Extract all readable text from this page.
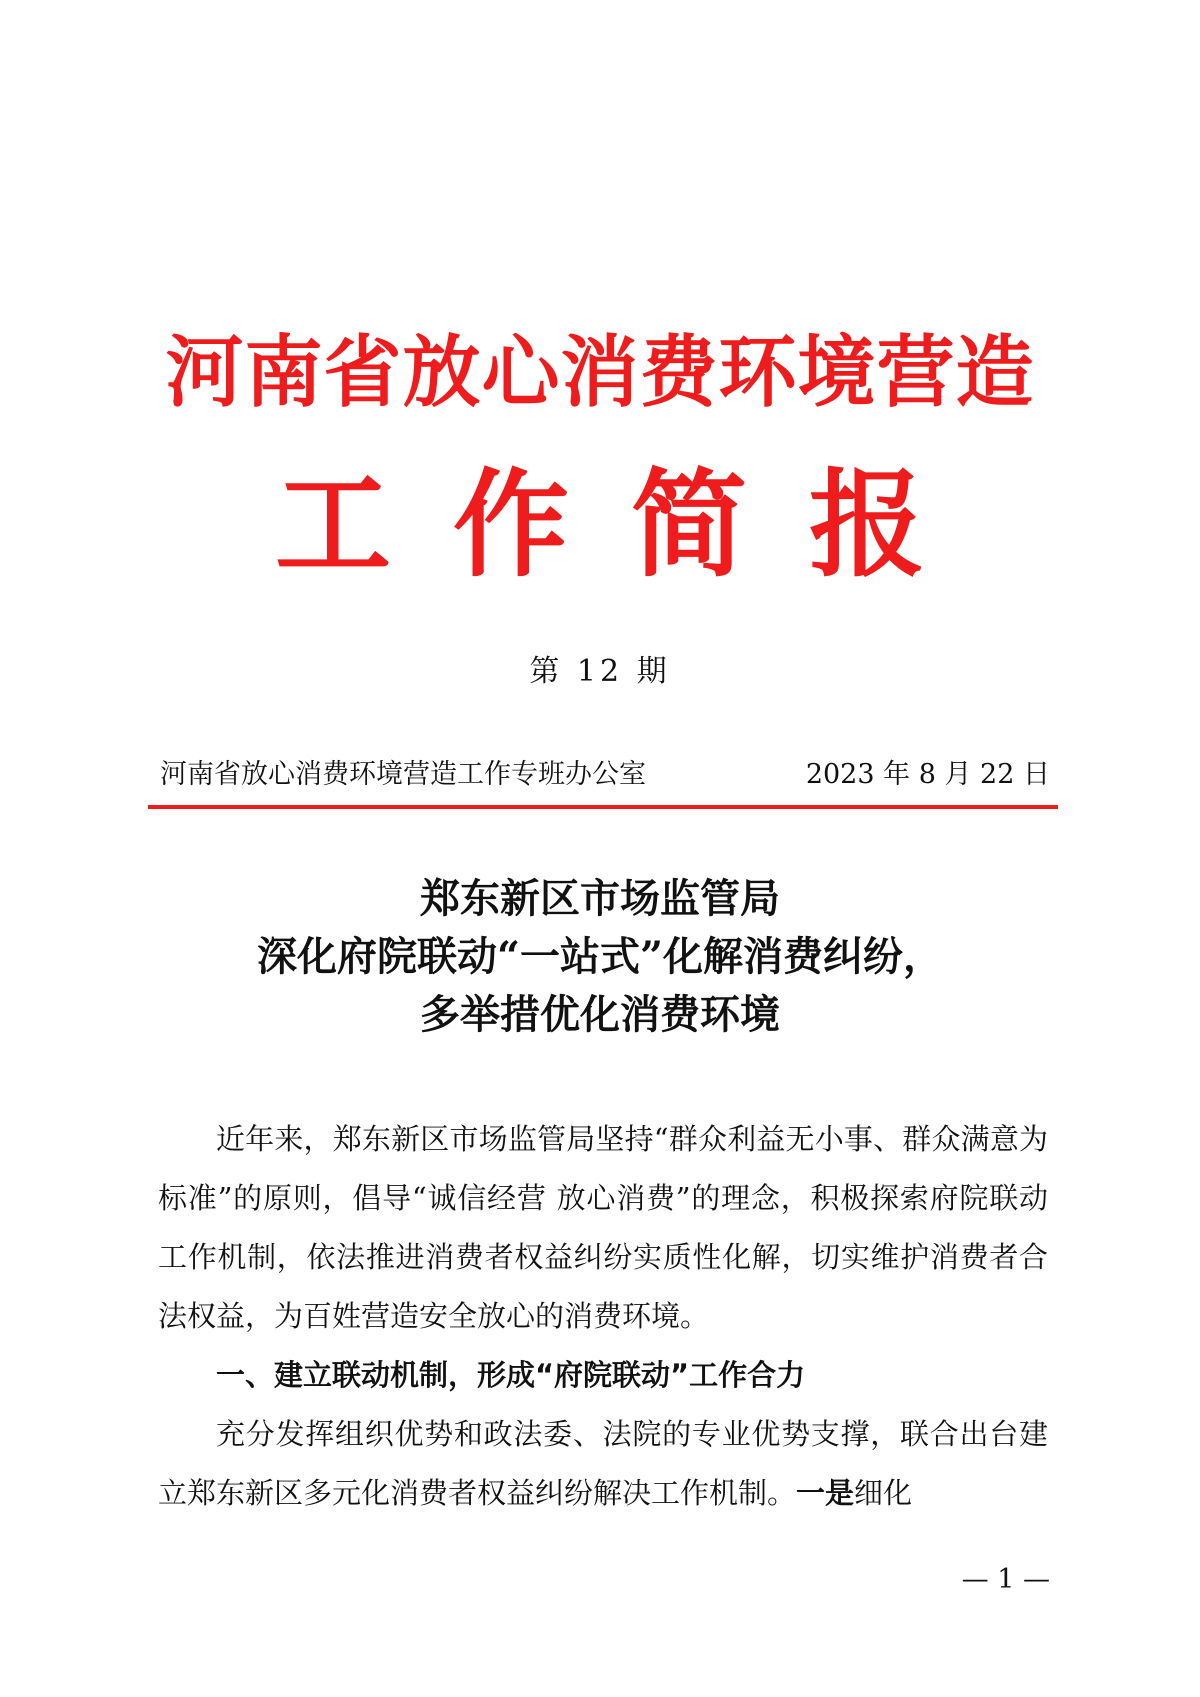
河南省放心消费环境营造
工作简报
第 12 期
河南省放心消费环境营造工作专班办公室	2023 年 8 月 22 日
郑东新区市场监管局
深化府院联动“一站式”化解消费纠纷，
多举措优化消费环境

近年来，郑东新区市场监管局坚持“群众利益无小事、群众满意为标准”的原则，倡导“诚信经营 放心消费”的理念，积极探索府院联动工作机制，依法推进消费者权益纠纷实质性化解，切实维护消费者合法权益，为百姓营造安全放心的消费环境。

一、建立联动机制，形成“府院联动”工作合力

充分发挥组织优势和政法委、法院的专业优势支撑，联合出台建立郑东新区多元化消费者权益纠纷解决工作机制。一是细化

— 1 —
